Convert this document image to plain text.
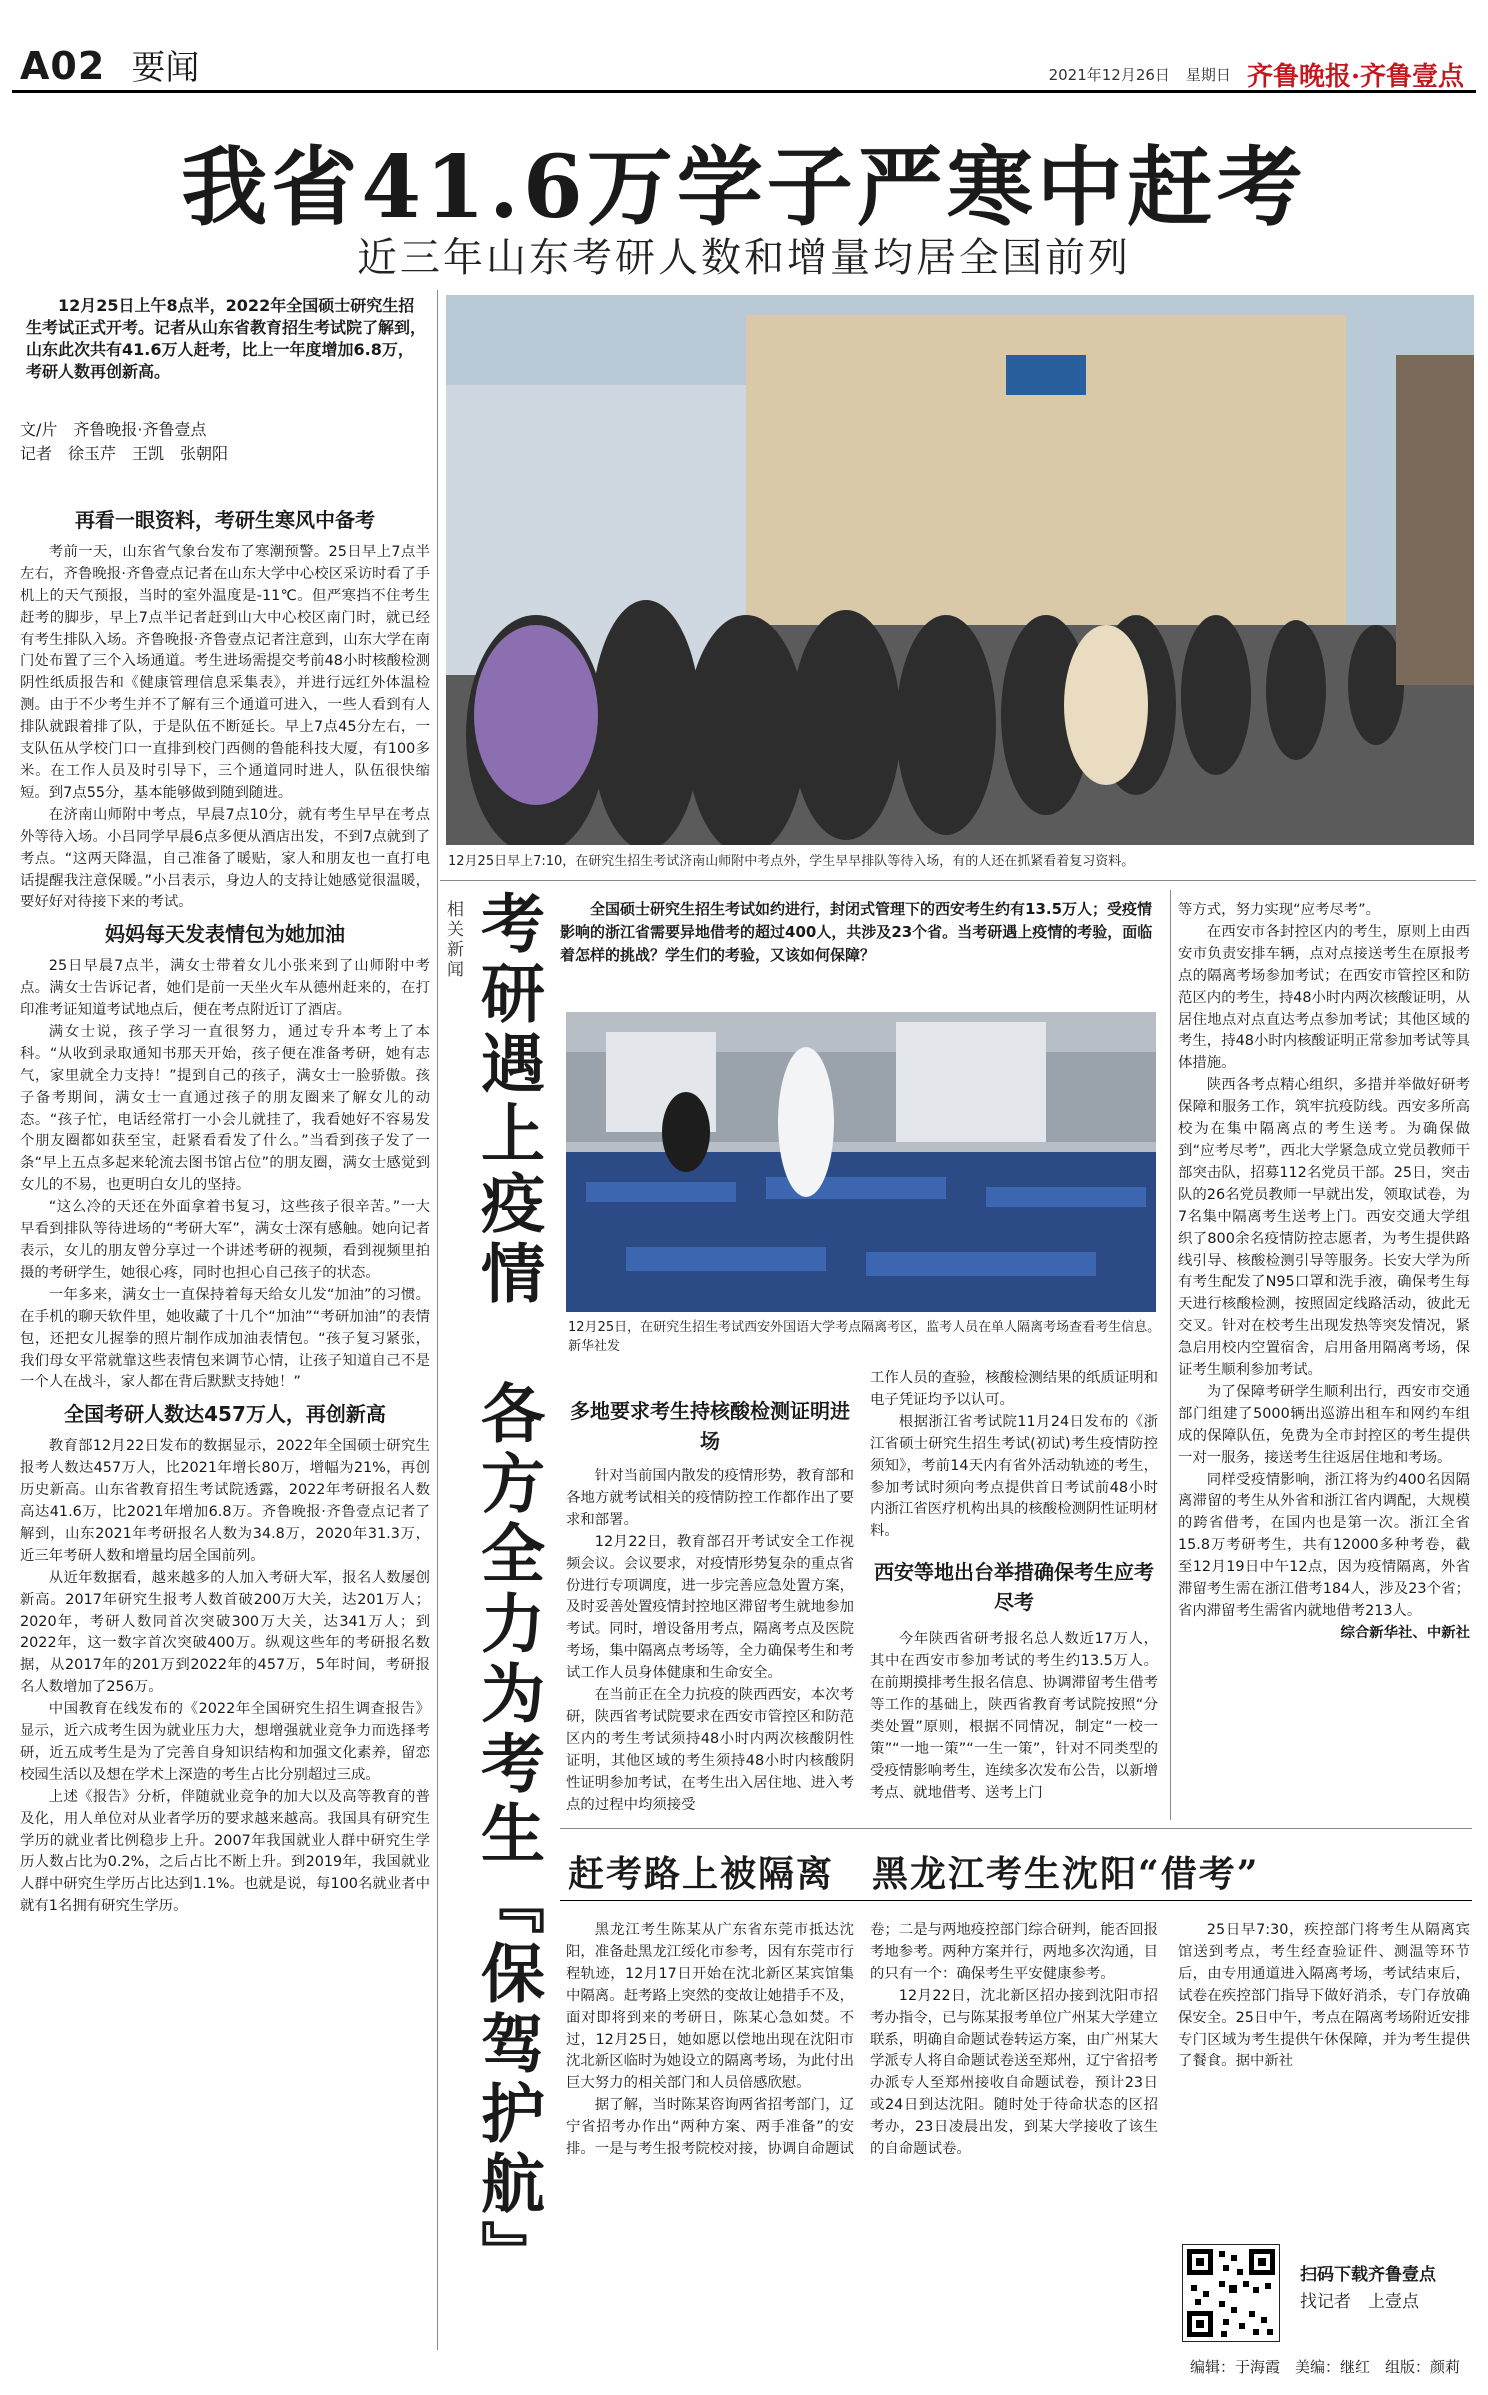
A02 要闻	2021年12月26日 星期日 齐鲁晚报·齐鲁壹点
我省41.6万学子严寒中赶考
近三年山东考研人数和增量均居全国前列
12月25日上午8点半，2022年全国硕士研究生招生考试正式开考。记者从山东省教育招生考试院了解到，山东此次共有41.6万人赶考，比上一年度增加6.8万，考研人数再创新高。
文/片　齐鲁晚报·齐鲁壹点
记者　徐玉芹　王凯　张朝阳
再看一眼资料，考研生寒风中备考

考前一天，山东省气象台发布了寒潮预警。25日早上7点半左右，齐鲁晚报·齐鲁壹点记者在山东大学中心校区采访时看了手机上的天气预报，当时的室外温度是-11℃。但严寒挡不住考生赶考的脚步，早上7点半记者赶到山大中心校区南门时，就已经有考生排队入场。齐鲁晚报·齐鲁壹点记者注意到，山东大学在南门处布置了三个入场通道。考生进场需提交考前48小时核酸检测阴性纸质报告和《健康管理信息采集表》，并进行远红外体温检测。由于不少考生并不了解有三个通道可进入，一些人看到有人排队就跟着排了队，于是队伍不断延长。早上7点45分左右，一支队伍从学校门口一直排到校门西侧的鲁能科技大厦，有100多米。在工作人员及时引导下，三个通道同时进人，队伍很快缩短。到7点55分，基本能够做到随到随进。

在济南山师附中考点，早晨7点10分，就有考生早早在考点外等待入场。小吕同学早晨6点多便从酒店出发，不到7点就到了考点。“这两天降温，自己准备了暖贴，家人和朋友也一直打电话提醒我注意保暖。”小吕表示，身边人的支持让她感觉很温暖，要好好对待接下来的考试。

妈妈每天发表情包为她加油

25日早晨7点半，满女士带着女儿小张来到了山师附中考点。满女士告诉记者，她们是前一天坐火车从德州赶来的，在打印准考证知道考试地点后，便在考点附近订了酒店。

满女士说，孩子学习一直很努力，通过专升本考上了本科。“从收到录取通知书那天开始，孩子便在准备考研，她有志气，家里就全力支持！”提到自己的孩子，满女士一脸骄傲。孩子备考期间，满女士一直通过孩子的朋友圈来了解女儿的动态。“孩子忙，电话经常打一小会儿就挂了，我看她好不容易发个朋友圈都如获至宝，赶紧看看发了什么。”当看到孩子发了一条“早上五点多起来轮流去图书馆占位”的朋友圈，满女士感觉到女儿的不易，也更明白女儿的坚持。

“这么冷的天还在外面拿着书复习，这些孩子很辛苦。”一大早看到排队等待进场的“考研大军”，满女士深有感触。她向记者表示，女儿的朋友曾分享过一个讲述考研的视频，看到视频里拍摄的考研学生，她很心疼，同时也担心自己孩子的状态。

一年多来，满女士一直保持着每天给女儿发“加油”的习惯。在手机的聊天软件里，她收藏了十几个“加油”“考研加油”的表情包，还把女儿握拳的照片制作成加油表情包。“孩子复习紧张，我们母女平常就靠这些表情包来调节心情，让孩子知道自己不是一个人在战斗，家人都在背后默默支持她！”

全国考研人数达457万人，再创新高

教育部12月22日发布的数据显示，2022年全国硕士研究生报考人数达457万人，比2021年增长80万，增幅为21%，再创历史新高。山东省教育招生考试院透露，2022年考研报名人数高达41.6万，比2021年增加6.8万。齐鲁晚报·齐鲁壹点记者了解到，山东2021年考研报名人数为34.8万，2020年31.3万，近三年考研人数和增量均居全国前列。

从近年数据看，越来越多的人加入考研大军，报名人数屡创新高。2017年研究生报考人数首破200万大关，达201万人；2020年，考研人数同首次突破300万大关，达341万人；到2022年，这一数字首次突破400万。纵观这些年的考研报名数据，从2017年的201万到2022年的457万，5年时间，考研报名人数增加了256万。

中国教育在线发布的《2022年全国研究生招生调查报告》显示，近六成考生因为就业压力大，想增强就业竞争力而选择考研，近五成考生是为了完善自身知识结构和加强文化素养，留恋校园生活以及想在学术上深造的考生占比分别超过三成。

上述《报告》分析，伴随就业竞争的加大以及高等教育的普及化，用人单位对从业者学历的要求越来越高。我国具有研究生学历的就业者比例稳步上升。2007年我国就业人群中研究生学历人数占比为0.2%，之后占比不断上升。到2019年，我国就业人群中研究生学历占比达到1.1%。也就是说，每100名就业者中就有1名拥有研究生学历。

12月25日早上7:10，在研究生招生考试济南山师附中考点外，学生早早排队等待入场，有的人还在抓紧看着复习资料。
相关新闻 考研遇上疫情　各方全力为考生『保驾护航』	全国硕士研究生招生考试如约进行，封闭式管理下的西安考生约有13.5万人；受疫情影响的浙江省需要异地借考的超过400人，共涉及23个省。当考研遇上疫情的考验，面临着怎样的挑战？学生们的考验，又该如何保障？
12月25日，在研究生招生考试西安外国语大学考点隔离考区，监考人员在单人隔离考场查看考生信息。　新华社发
多地要求考生持核酸检测证明进场

针对当前国内散发的疫情形势，教育部和各地方就考试相关的疫情防控工作都作出了要求和部署。

12月22日，教育部召开考试安全工作视频会议。会议要求，对疫情形势复杂的重点省份进行专项调度，进一步完善应急处置方案，及时妥善处置疫情封控地区滞留考生就地参加考试。同时，增设备用考点，隔离考点及医院考场，集中隔离点考场等，全力确保考生和考试工作人员身体健康和生命安全。

在当前正在全力抗疫的陕西西安，本次考研，陕西省考试院要求在西安市管控区和防范区内的考生考试须持48小时内两次核酸阴性证明，其他区域的考生须持48小时内核酸阴性证明参加考试，在考生出入居住地、进入考点的过程中均须接受

工作人员的查验，核酸检测结果的纸质证明和电子凭证均予以认可。

根据浙江省考试院11月24日发布的《浙江省硕士研究生招生考试(初试)考生疫情防控须知》，考前14天内有省外活动轨迹的考生，参加考试时须向考点提供首日考试前48小时内浙江省医疗机构出具的核酸检测阴性证明材料。

西安等地出台举措确保考生应考尽考

今年陕西省研考报名总人数近17万人，其中在西安市参加考试的考生约13.5万人。在前期摸排考生报名信息、协调滞留考生借考等工作的基础上，陕西省教育考试院按照“分类处置”原则，根据不同情况，制定“一校一策”“一地一策”“一生一策”，针对不同类型的受疫情影响考生，连续多次发布公告，以新增考点、就地借考、送考上门

等方式，努力实现“应考尽考”。

在西安市各封控区内的考生，原则上由西安市负责安排车辆，点对点接送考生在原报考点的隔离考场参加考试；在西安市管控区和防范区内的考生，持48小时内两次核酸证明，从居住地点对点直达考点参加考试；其他区域的考生，持48小时内核酸证明正常参加考试等具体措施。

陕西各考点精心组织，多措并举做好研考保障和服务工作，筑牢抗疫防线。西安多所高校为在集中隔离点的考生送考。为确保做到“应考尽考”，西北大学紧急成立党员教师干部突击队，招募112名党员干部。25日，突击队的26名党员教师一早就出发，领取试卷，为7名集中隔离考生送考上门。西安交通大学组织了800余名疫情防控志愿者，为考生提供路线引导、核酸检测引导等服务。长安大学为所有考生配发了N95口罩和洗手液，确保考生每天进行核酸检测，按照固定线路活动，彼此无交叉。针对在校考生出现发热等突发情况，紧急启用校内空置宿舍，启用备用隔离考场，保证考生顺利参加考试。

为了保障考研学生顺利出行，西安市交通部门组建了5000辆出巡游出租车和网约车组成的保障队伍，免费为全市封控区的考生提供一对一服务，接送考生往返居住地和考场。

同样受疫情影响，浙江将为约400名因隔离滞留的考生从外省和浙江省内调配，大规模的跨省借考，在国内也是第一次。浙江全省15.8万考研考生，共有12000多种考卷，截至12月19日中午12点，因为疫情隔离，外省滞留考生需在浙江借考184人，涉及23个省；省内滞留考生需省内就地借考213人。

综合新华社、中新社
赶考路上被隔离　黑龙江考生沈阳“借考”

黑龙江考生陈某从广东省东莞市抵达沈阳，准备赴黑龙江绥化市参考，因有东莞市行程轨迹，12月17日开始在沈北新区某宾馆集中隔离。赶考路上突然的变故让她措手不及，面对即将到来的考研日，陈某心急如焚。不过，12月25日，她如愿以偿地出现在沈阳市沈北新区临时为她设立的隔离考场，为此付出巨大努力的相关部门和人员倍感欣慰。

据了解，当时陈某咨询两省招考部门，辽宁省招考办作出“两种方案、两手准备”的安排。一是与考生报考院校对接，协调自命题试

卷；二是与两地疫控部门综合研判，能否回报考地参考。两种方案并行，两地多次沟通，目的只有一个：确保考生平安健康参考。

12月22日，沈北新区招办接到沈阳市招考办指令，已与陈某报考单位广州某大学建立联系，明确自命题试卷转运方案，由广州某大学派专人将自命题试卷送至郑州，辽宁省招考办派专人至郑州接收自命题试卷，预计23日或24日到达沈阳。随时处于待命状态的区招考办，23日凌晨出发，到某大学接收了该生的自命题试卷。

25日早7:30，疾控部门将考生从隔离宾馆送到考点，考生经查验证件、测温等环节后，由专用通道进入隔离考场，考试结束后，试卷在疾控部门指导下做好消杀，专门存放确保安全。25日中午，考点在隔离考场附近安排专门区域为考生提供午休保障，并为考生提供了餐食。据中新社

扫码下载齐鲁壹点
找记者　上壹点
编辑：于海霞　美编：继红　组版：颜莉
